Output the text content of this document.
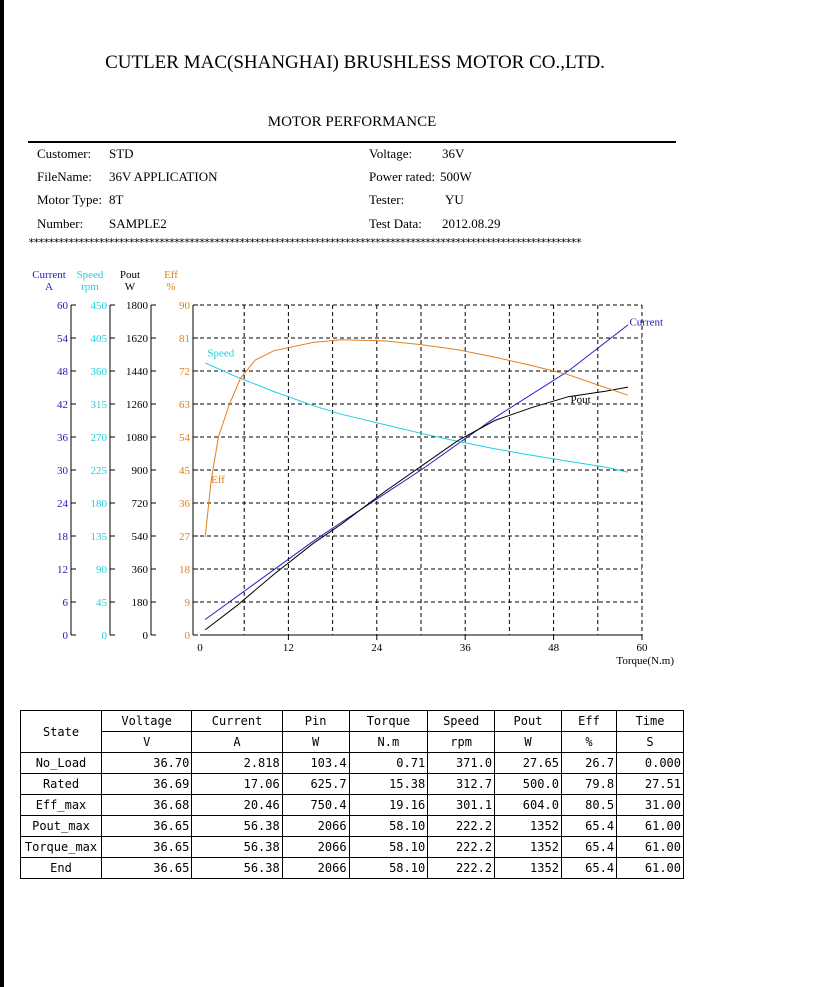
CUTLER MAC(SHANGHAI) BRUSHLESS MOTOR CO.,LTD.
MOTOR PERFORMANCE
Customer: STD
FileName: 36V APPLICATION
Motor Type: 8T
Number: SAMPLE2
Voltage: 36V
Power rated: 500W
Tester:	YU
Test Data: 2012.08.29
**************************************************************************************************************
0	12	24	36	48	60
Torque(N.m)
0
6
12
18
24
30
36
42
48
54
60
Current
A
0
45
90
135
180
225
270
315
360
405
450
Speed
rpm
0
180
360
540
720
900
1080
1260
1440
1620
1800
Pout
W
0
9
18
27
36
45
54
63
72
81
90
Eff
%
Current
Speed
Pout
Eff
State	Voltage	Current	Pin	Torque	Speed	Pout	Eff	Time
	V	A	W	N.m	rpm	W	%	S
No_Load	36.70	2.818	103.4	0.71	371.0	27.65	26.7	0.000
Rated	36.69	17.06	625.7	15.38	312.7	500.0	79.8	27.51
Eff_max	36.68	20.46	750.4	19.16	301.1	604.0	80.5	31.00
Pout_max	36.65	56.38	2066	58.10	222.2	1352	65.4	61.00
Torque_max	36.65	56.38	2066	58.10	222.2	1352	65.4	61.00
End	36.65	56.38	2066	58.10	222.2	1352	65.4	61.00
